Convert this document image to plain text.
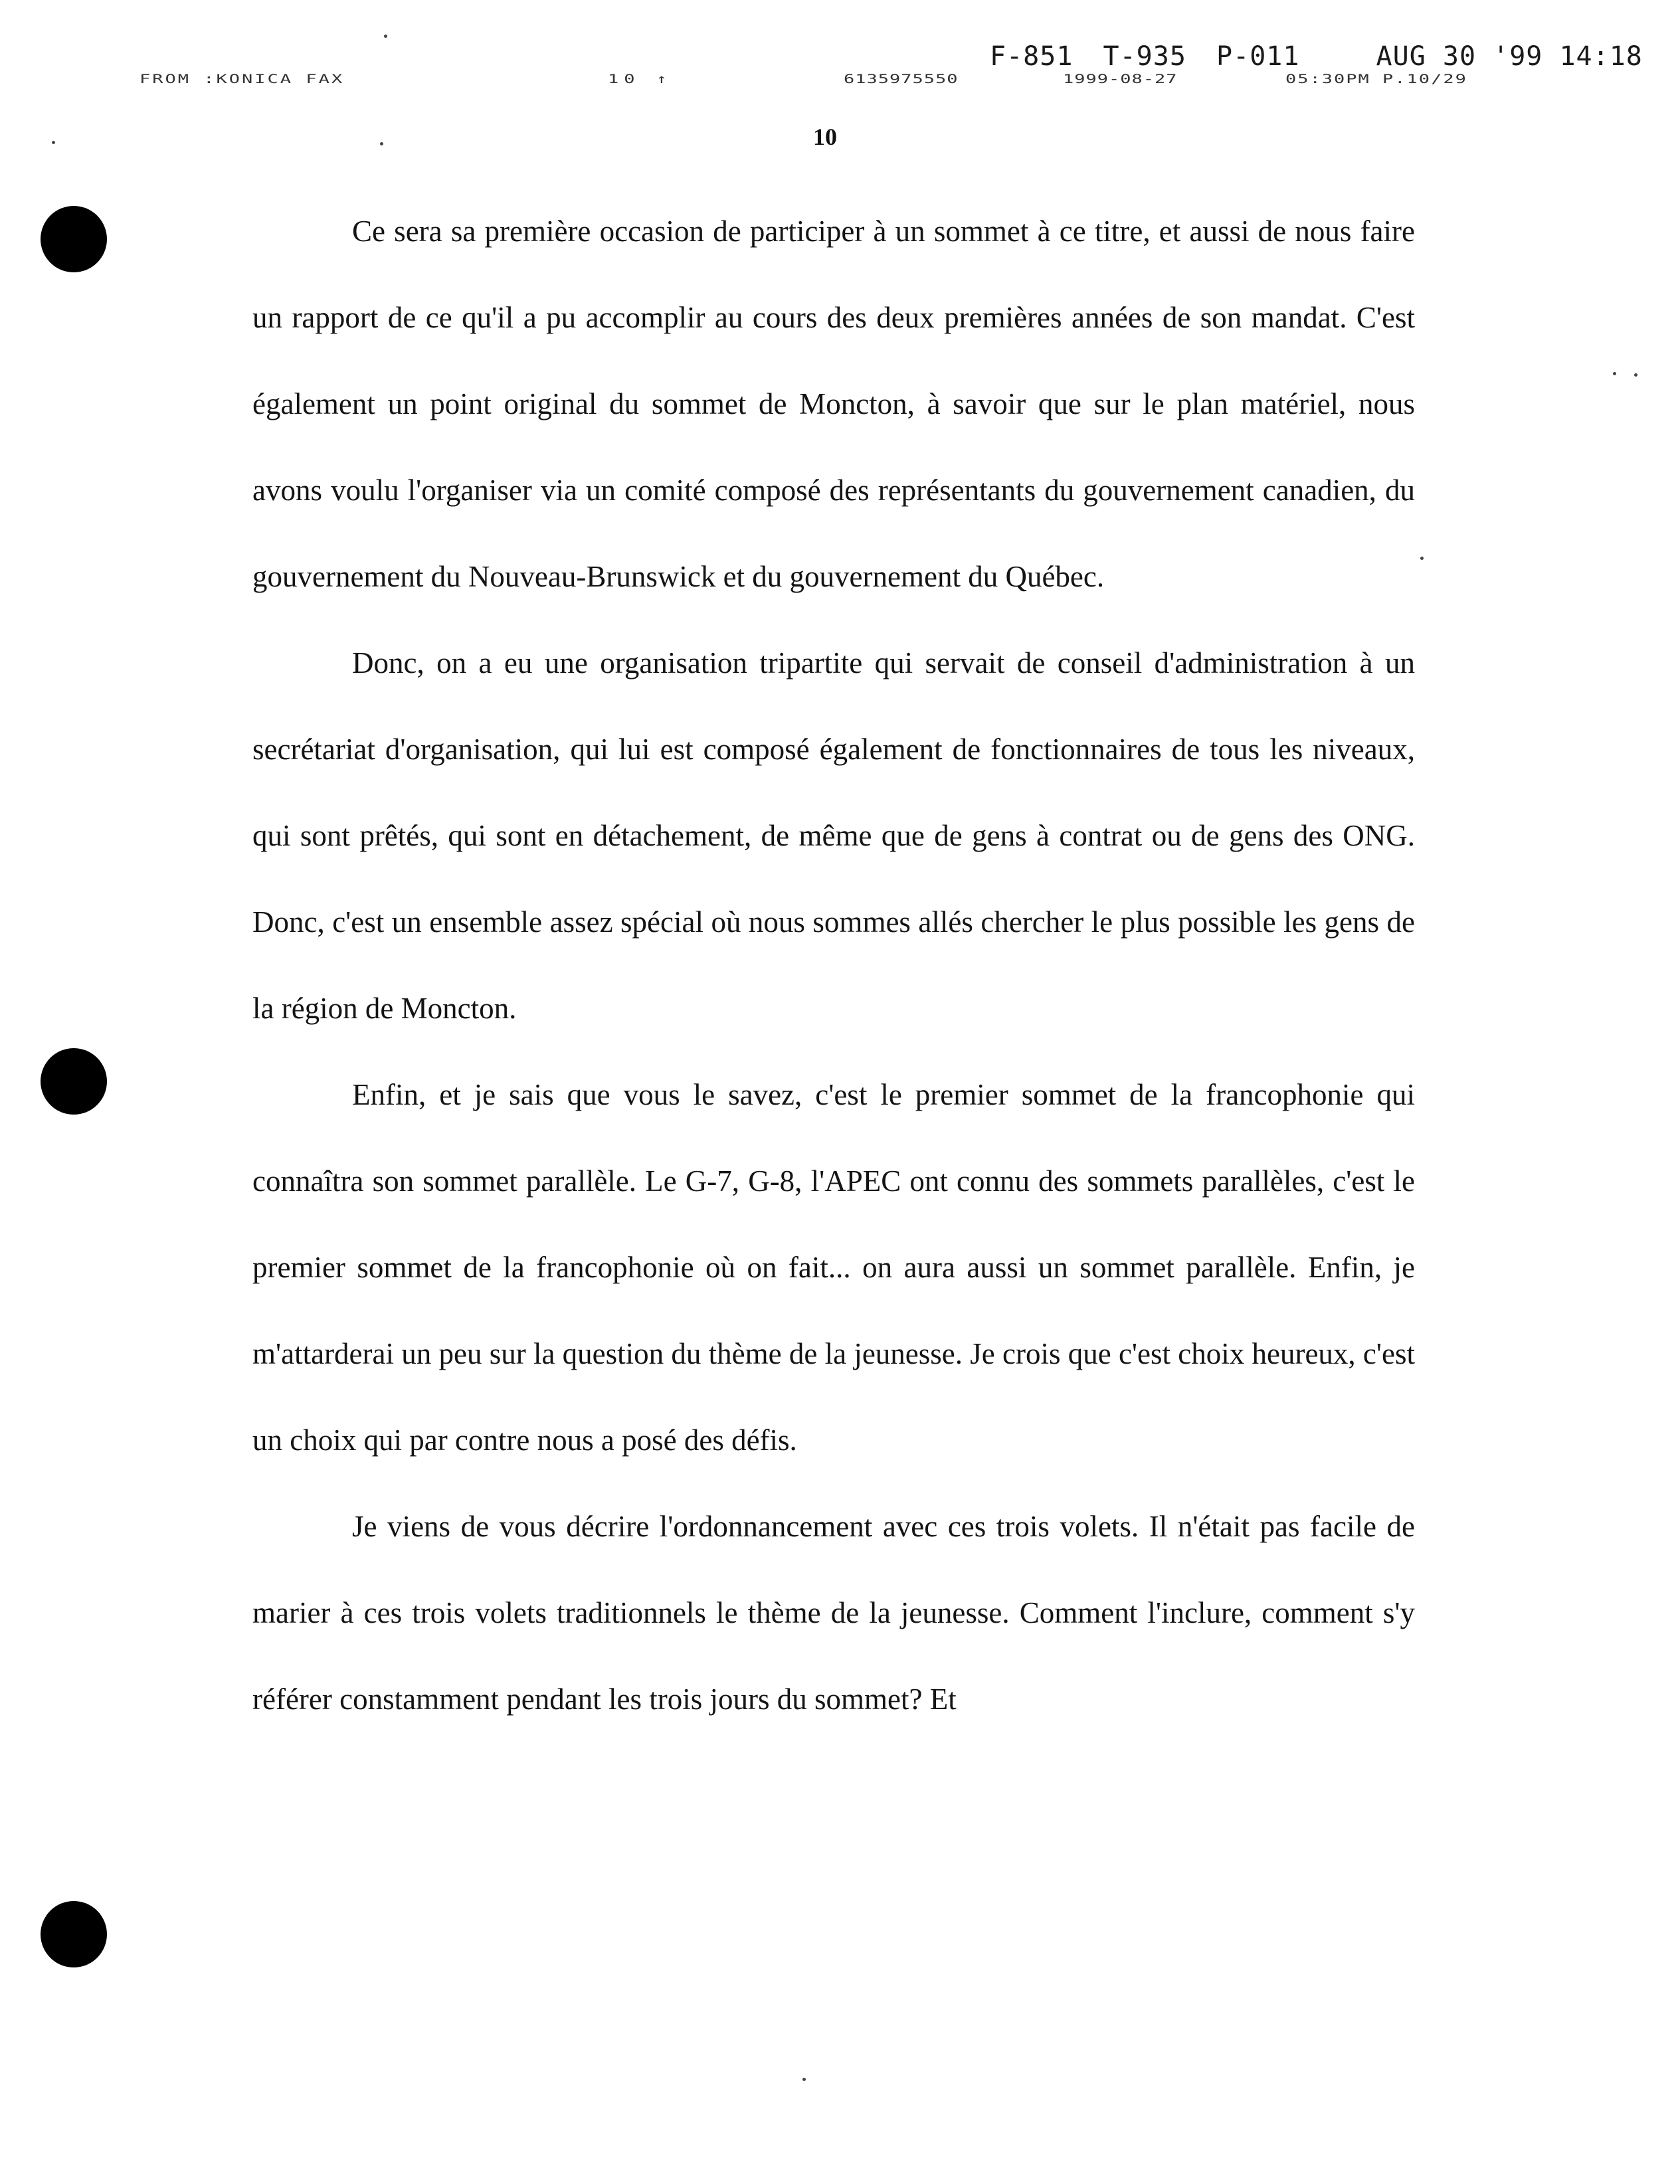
F-851 T-935 P-011	AUG 30 '99 14:18
FROM :KONICA FAX	10 ↑	6135975550	1999-08-27	05:30PM P.10/29
10

Ce sera sa première occasion de participer à un sommet à ce titre, et aussi de nous faire un rapport de ce qu'il a pu accomplir au cours des deux premières années de son mandat. C'est également un point original du sommet de Moncton, à savoir que sur le plan matériel, nous avons voulu l'organiser via un comité composé des représentants du gouvernement canadien, du gouvernement du Nouveau-Brunswick et du gouvernement du Québec.

Donc, on a eu une organisation tripartite qui servait de conseil d'administration à un secrétariat d'organisation, qui lui est composé également de fonctionnaires de tous les niveaux, qui sont prêtés, qui sont en détachement, de même que de gens à contrat ou de gens des ONG. Donc, c'est un ensemble assez spécial où nous sommes allés chercher le plus possible les gens de la région de Moncton.

Enfin, et je sais que vous le savez, c'est le premier sommet de la francophonie qui connaîtra son sommet parallèle. Le G-7, G-8, l'APEC ont connu des sommets parallèles, c'est le premier sommet de la francophonie où on fait... on aura aussi un sommet parallèle. Enfin, je m'attarderai un peu sur la question du thème de la jeunesse. Je crois que c'est choix heureux, c'est un choix qui par contre nous a posé des défis.

Je viens de vous décrire l'ordonnancement avec ces trois volets. Il n'était pas facile de marier à ces trois volets traditionnels le thème de la jeunesse. Comment l'inclure, comment s'y référer constamment pendant les trois jours du sommet? Et
